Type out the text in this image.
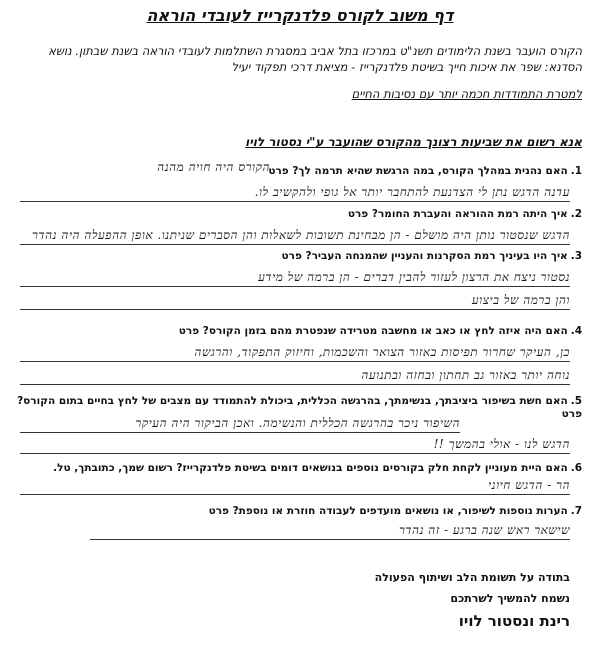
דף משוב לקורס פלדנקרייז לעובדי הוראה
הקורס הועבר בשנת הלימודים תשנ"ט במרכזו בתל אביב במסגרת השתלמות לעובדי הוראה בשנת שבתון. נושא הסדנא: שפר את איכות חייך בשיטת פלדנקרייז - מציאת דרכי תפקוד יעיל
למטרת התמודדות חכמה יותר עם נסיבות החיים
אנא רשום את שביעות רצונך מהקורס שהועבר ע"י נסטור לויו
1.האם נהנית במהלך הקורס, במה הרגשת שהיא תרמה לך? פרט
הקורס היה חויה מהנה
עדנה הדגש נתן לי הצדנעת להתחבר יותר אל גופי ולהקשיב לו.
2.איך היתה רמת ההוראה והעברת החומר? פרט
הדגש שנסטור נותן היה מושלם - הן מבחינת תשובות לשאלות והן הסברים שניתנו. אופן ההפעלה היה נהדר
3.איך היו בעיניך רמת הסקרנות והעניין שהמנחה העביר? פרט
נסטור ניצח את הרצון לעזור להבין דברים - הן ברמה של מידע
והן ברמה של ביצוע
4.האם היה איזה לחץ או כאב או מחשבה מטרידה שנפטרת מהם בזמן הקורס? פרט
כן, העיקר שחרור תפיסות באזור הצואר והשכמות, וחיזוק התפקוד, והרגשה
נוחה יותר באזור גב תחתון ובחזה ובתנועה
5.האם חשת בשיפור ביציבתך, בנשימתך, בהרגשה הכללית, ביכולת להתמודד עם מצבים של לחץ בחיים בתום הקורס? פרט
השיפור ניכר בהרגשה הכללית והנשימה. ואכן הביקור היה העיקר
הדגש לנו - אולי בהמשך !!
6.האם היית מעוניין לקחת חלק בקורסים נוספים בנושאים דומים בשיטת פלדנקרייז? רשום שמך, כתובתך, טל.
הר - הדגש חיוני
7.הערות נוספות לשיפור, או נושאים מועדפים לעבודה חוזרת או נוספת? פרט
שישאר ראש שנה ברגע - זה נהדר
בתודה על תשומת הלב ושיתוף הפעולה
נשמח להמשיך לשרתכם
רינת ונסטור לויו
